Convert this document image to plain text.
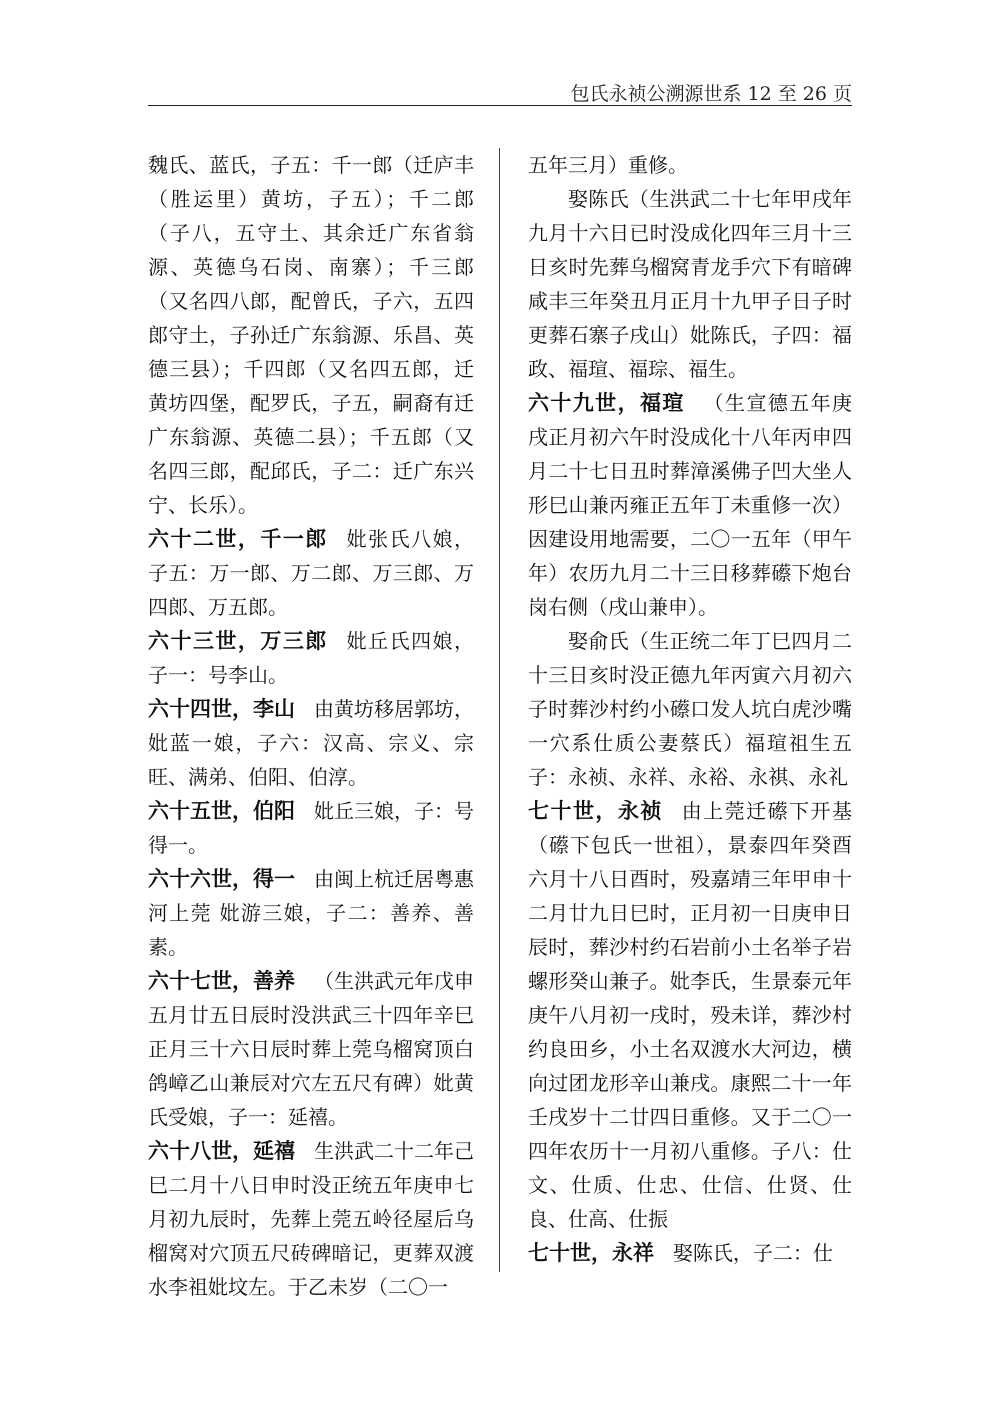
包氏永祯公溯源世系 12 至 26 页

魏氏、蓝氏，子五：千一郎（迁庐丰（胜运里）黄坊，子五）；千二郎（子八，五守土、其余迁广东省翁源、英德乌石岗、南寨）；千三郎（又名四八郎，配曾氏，子六，五四郎守土，子孙迁广东翁源、乐昌、英德三县）；千四郎（又名四五郎，迁黄坊四堡，配罗氏，子五，嗣裔有迁广东翁源、英德二县）；千五郎（又名四三郎，配邱氏，子二：迁广东兴宁、长乐）。

六十二世，千一郎 妣张氏八娘，子五：万一郎、万二郎、万三郎、万四郎、万五郎。

六十三世，万三郎 妣丘氏四娘，子一：号李山。

六十四世，李山 由黄坊移居郭坊，妣蓝一娘，子六：汉高、宗义、宗旺、满弟、伯阳、伯淳。

六十五世，伯阳 妣丘三娘，子：号得一。

六十六世，得一 由闽上杭迁居粤惠河上莞 妣游三娘，子二：善养、善素。

六十七世，善养 （生洪武元年戊申五月廿五日辰时没洪武三十四年辛巳正月三十六日辰时葬上莞乌榴窝顶白鸽嶂乙山兼辰对穴左五尺有碑）妣黄氏受娘，子一：延禧。

六十八世，延禧 生洪武二十二年己巳二月十八日申时没正统五年庚申七月初九辰时，先葬上莞五岭径屋后乌榴窝对穴顶五尺砖碑暗记，更葬双渡水李祖妣坟左。于乙未岁（二〇一

五年三月）重修。

娶陈氏（生洪武二十七年甲戌年九月十六日已时没成化四年三月十三日亥时先葬乌榴窝青龙手穴下有暗碑咸丰三年癸丑月正月十九甲子日子时更葬石寨子戌山）妣陈氏，子四：福政、福瑄、福琮、福生。

六十九世，福瑄 （生宣德五年庚戌正月初六午时没成化十八年丙申四月二十七日丑时葬漳溪佛子凹大坐人形巳山兼丙雍正五年丁未重修一次）因建设用地需要，二〇一五年（甲午年）农历九月二十三日移葬礤下炮台岗右侧（戌山兼申）。

娶俞氏（生正统二年丁巳四月二十三日亥时没正德九年丙寅六月初六子时葬沙村约小礤口发人坑白虎沙嘴一穴系仕质公妻蔡氏）福瑄祖生五子：永祯、永祥、永裕、永祺、永礼

七十世，永祯 由上莞迁礤下开基（礤下包氏一世祖），景泰四年癸酉六月十八日酉时，殁嘉靖三年甲申十二月廿九日巳时，正月初一日庚申日辰时，葬沙村约石岩前小土名举子岩螺形癸山兼子。妣李氏，生景泰元年庚午八月初一戌时，殁未详，葬沙村约良田乡，小土名双渡水大河边，横向过团龙形辛山兼戌。康熙二十一年壬戌岁十二廿四日重修。又于二〇一四年农历十一月初八重修。子八：仕文、仕质、仕忠、仕信、仕贤、仕良、仕高、仕振

七十世，永祥 娶陈氏，子二：仕
